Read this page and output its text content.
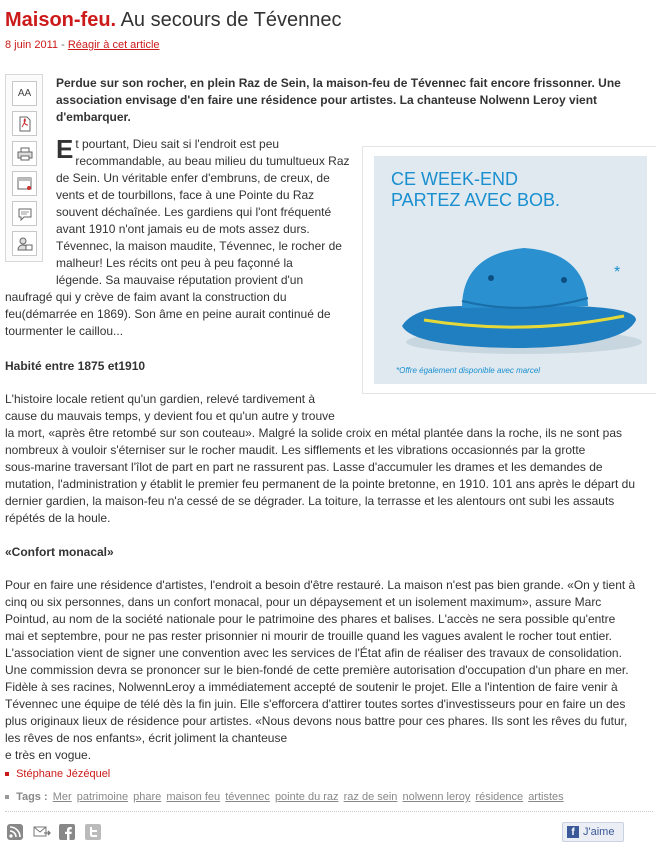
Maison-feu. Au secours de Tévennec
8 juin 2011 - Réagir à cet article
AA
Perdue sur son rocher, en plein Raz de Sein, la maison-feu de Tévennec fait encore frissonner. Une association envisage d'en faire une résidence pour artistes. La chanteuse Nolwenn Leroy vient d'embarquer.
E t pourtant, Dieu sait si l'endroit est peu
recommandable, au beau milieu du tumultueux Raz
de Sein. Un véritable enfer d'embruns, de creux, de
vents et de tourbillons, face à une Pointe du Raz
souvent déchaînée. Les gardiens qui l'ont fréquenté
avant 1910 n'ont jamais eu de mots assez durs.
Tévennec, la maison maudite, Tévennec, le rocher de
malheur! Les récits ont peu à peu façonné la
légende. Sa mauvaise réputation provient d'un
naufragé qui y crève de faim avant la construction du
feu(démarrée en 1869). Son âme en peine aurait continué de
tourmenter le caillou...
Habité entre 1875 et1910
L'histoire locale retient qu'un gardien, relevé tardivement à
cause du mauvais temps, y devient fou et qu'un autre y trouve
la mort, «après être retombé sur son couteau». Malgré la solide croix en métal plantée dans la roche, ils ne sont pas
nombreux à vouloir s'éterniser sur le rocher maudit. Les sifflements et les vibrations occasionnés par la grotte
sous-marine traversant l'îlot de part en part ne rassurent pas. Lasse d'accumuler les drames et les demandes de
mutation, l'administration y établit le premier feu permanent de la pointe bretonne, en 1910. 101 ans après le départ du
dernier gardien, la maison-feu n'a cessé de se dégrader. La toiture, la terrasse et les alentours ont subi les assauts
répétés de la houle.
«Confort monacal»
Pour en faire une résidence d'artistes, l'endroit a besoin d'être restauré. La maison n'est pas bien grande. «On y tient à
cinq ou six personnes, dans un confort monacal, pour un dépaysement et un isolement maximum», assure Marc
Pointud, au nom de la société nationale pour le patrimoine des phares et balises. L'accès ne sera possible qu'entre
mai et septembre, pour ne pas rester prisonnier ni mourir de trouille quand les vagues avalent le rocher tout entier.
L'association vient de signer une convention avec les services de l'État afin de réaliser des travaux de consolidation.
Une commission devra se prononcer sur le bien-fondé de cette première autorisation d'occupation d'un phare en mer.
Fidèle à ses racines, NolwennLeroy a immédiatement accepté de soutenir le projet. Elle a l'intention de faire venir à
Tévennec une équipe de télé dès la fin juin. Elle s'efforcera d'attirer toutes sortes d'investisseurs pour en faire un des
plus originaux lieux de résidence pour artistes. «Nous devons nous battre pour ces phares. Ils sont les rêves du futur,
les rêves de nos enfants», écrit joliment la chanteuse
e très en vogue.
CE WEEK-END
PARTEZ AVEC BOB.
*
*Offre également disponible avec marcel
Stéphane Jézéquel
Tags : Mer patrimoine phare maison feu tévennec pointe du raz raz de sein nolwenn leroy résidence artistes
f J'aime
